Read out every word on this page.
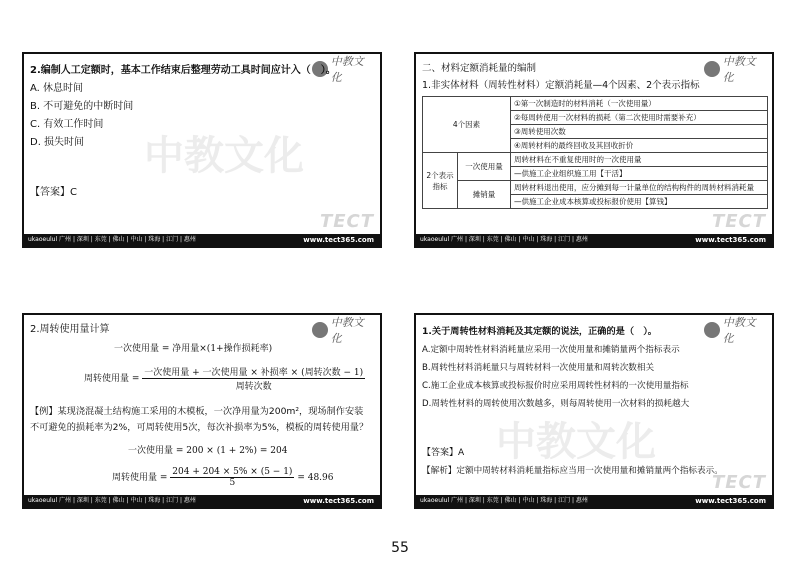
中教文化
中教文化
2.编制人工定额时，基本工作结束后整理劳动工具时间应计入（　）。
A. 休息时间
B. 不可避免的中断时间
C. 有效工作时间
D. 损失时间
【答案】C
TECT
ukaoeulul 广州 | 深圳 | 东莞 | 佛山 | 中山 | 珠海 | 江门 | 惠州	www.tect365.com
中教文化
二、材料定额消耗量的编制
1.非实体材料（周转性材料）定额消耗量—4个因素、2个表示指标
4个因素		①第一次制造时的材料消耗（一次使用量）
		②每周转使用一次材料的损耗（第二次使用时需要补充）
		③周转使用次数
		④周转材料的最终回收及其回收折价
2个表示指标	一次使用量	周转材料在不重复使用时的一次使用量
		—供施工企业组织施工用【干活】
	摊销量	周转材料退出使用，应分摊到每一计量单位的结构构件的周转材料消耗量
		—供施工企业成本核算或投标报价使用【算钱】
TECT
ukaoeulul 广州 | 深圳 | 东莞 | 佛山 | 中山 | 珠海 | 江门 | 惠州	www.tect365.com
中教文化
2.周转使用量计算
一次使用量 = 净用量×(1+操作损耗率)
周转使用量 = $\frac{\text{一次使用量 + 一次使用量 × 补损率 × (周转次数 − 1)}}{\text{周转次数}}$
【例】某现浇混凝土结构施工采用的木模板，一次净用量为200m²，现场制作安装
不可避免的损耗率为2%，可周转使用5次，每次补损率为5%，模板的周转使用量？
一次使用量 = 200 × (1 + 2%) = 204
周转使用量 = $\frac{204 + 204 \times 5\% \times (5 - 1)}{5} = 48.96$
ukaoeulul 广州 | 深圳 | 东莞 | 佛山 | 中山 | 珠海 | 江门 | 惠州	www.tect365.com
中教文化
中教文化
1.关于周转性材料消耗及其定额的说法，正确的是（　）。
A.定额中周转性材料消耗量应采用一次使用量和摊销量两个指标表示
B.周转性材料消耗量只与周转材料一次使用量和周转次数相关
C.施工企业成本核算或投标报价时应采用周转性材料的一次使用量指标
D.周转性材料的周转使用次数越多，则每周转使用一次材料的损耗越大
【答案】A
【解析】定额中周转材料消耗量指标应当用一次使用量和摊销量两个指标表示。
TECT
ukaoeulul 广州 | 深圳 | 东莞 | 佛山 | 中山 | 珠海 | 江门 | 惠州	www.tect365.com
55
